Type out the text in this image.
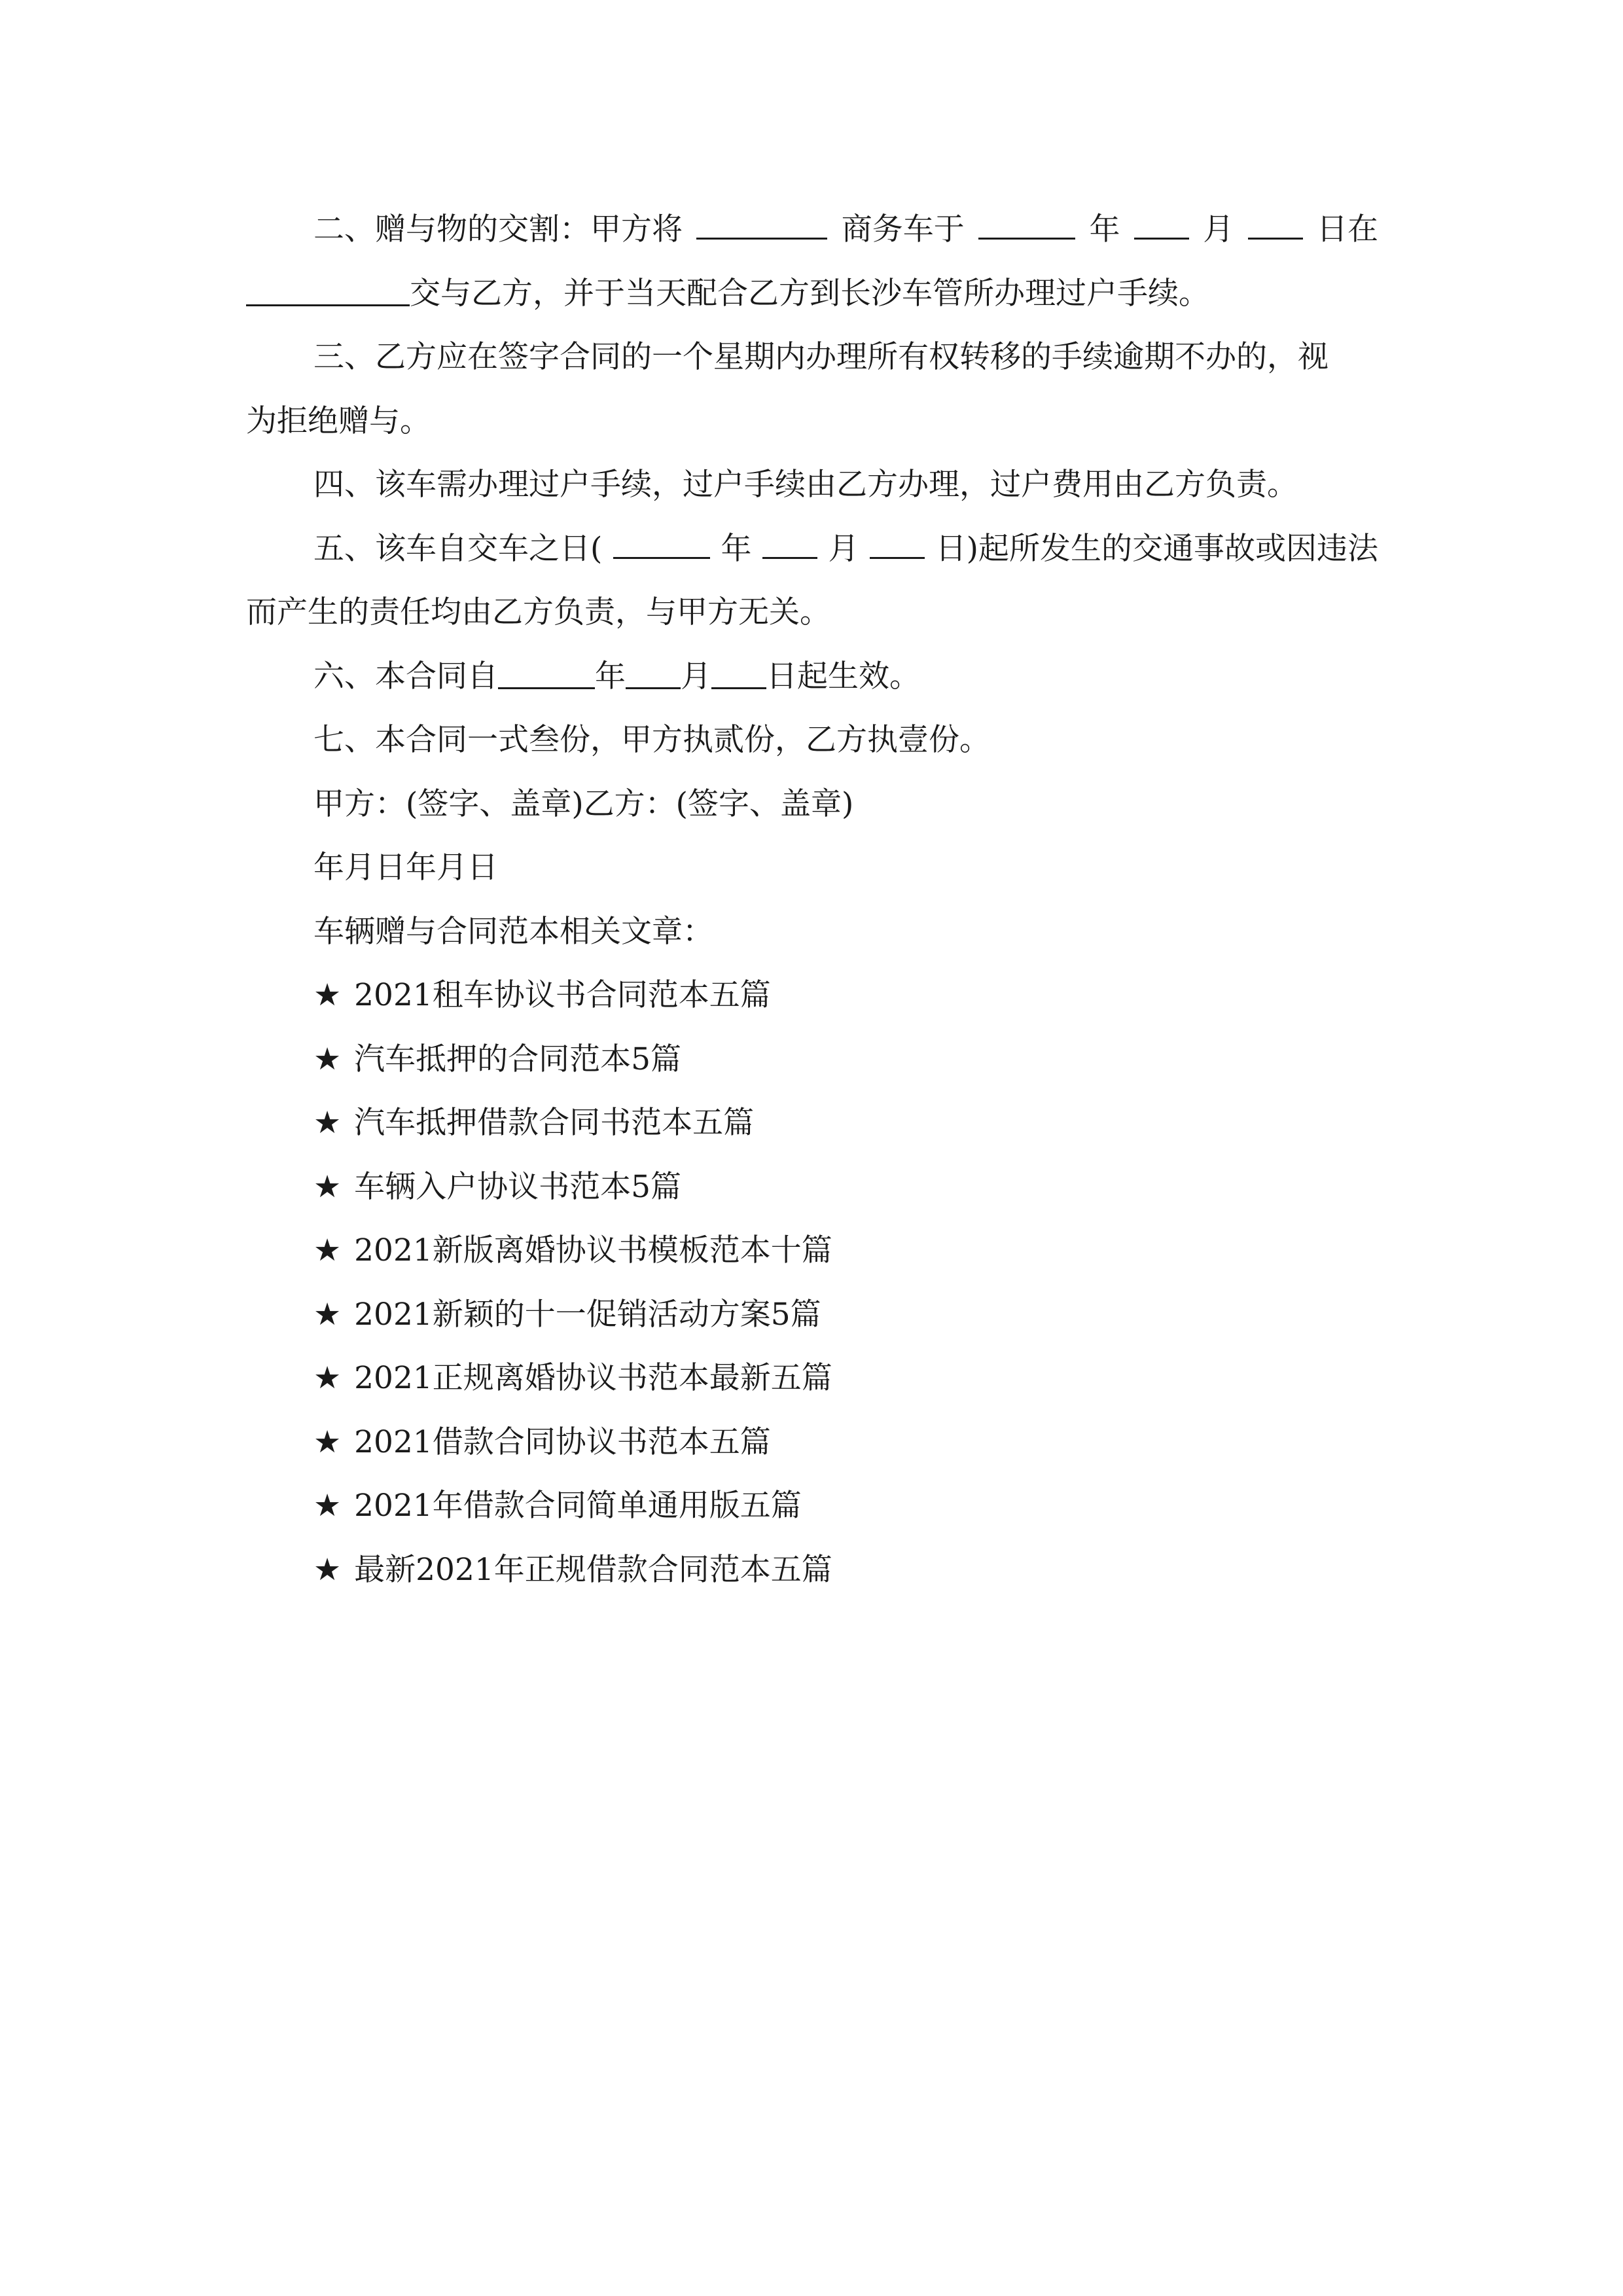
二、赠与物的交割：甲方将	商务车于	年	月	日在

交与乙方，并于当天配合乙方到长沙车管所办理过户手续。

三、乙方应在签字合同的一个星期内办理所有权转移的手续逾期不办的，视

为拒绝赠与。

四、该车需办理过户手续，过户手续由乙方办理，过户费用由乙方负责。

五、该车自交车之日(	年 月 日)起所发生的交通事故或因违法

而产生的责任均由乙方负责，与甲方无关。

六、本合同自	年 月 日起生效。

七、本合同一式叁份，甲方执贰份，乙方执壹份。

甲方：(签字、盖章)乙方：(签字、盖章)

年月日年月日

车辆赠与合同范本相关文章：

★ 2021租车协议书合同范本五篇

★ 汽车抵押的合同范本5篇

★ 汽车抵押借款合同书范本五篇

★ 车辆入户协议书范本5篇

★ 2021新版离婚协议书模板范本十篇

★ 2021新颖的十一促销活动方案5篇

★ 2021正规离婚协议书范本最新五篇

★ 2021借款合同协议书范本五篇

★ 2021年借款合同简单通用版五篇

★ 最新2021年正规借款合同范本五篇
